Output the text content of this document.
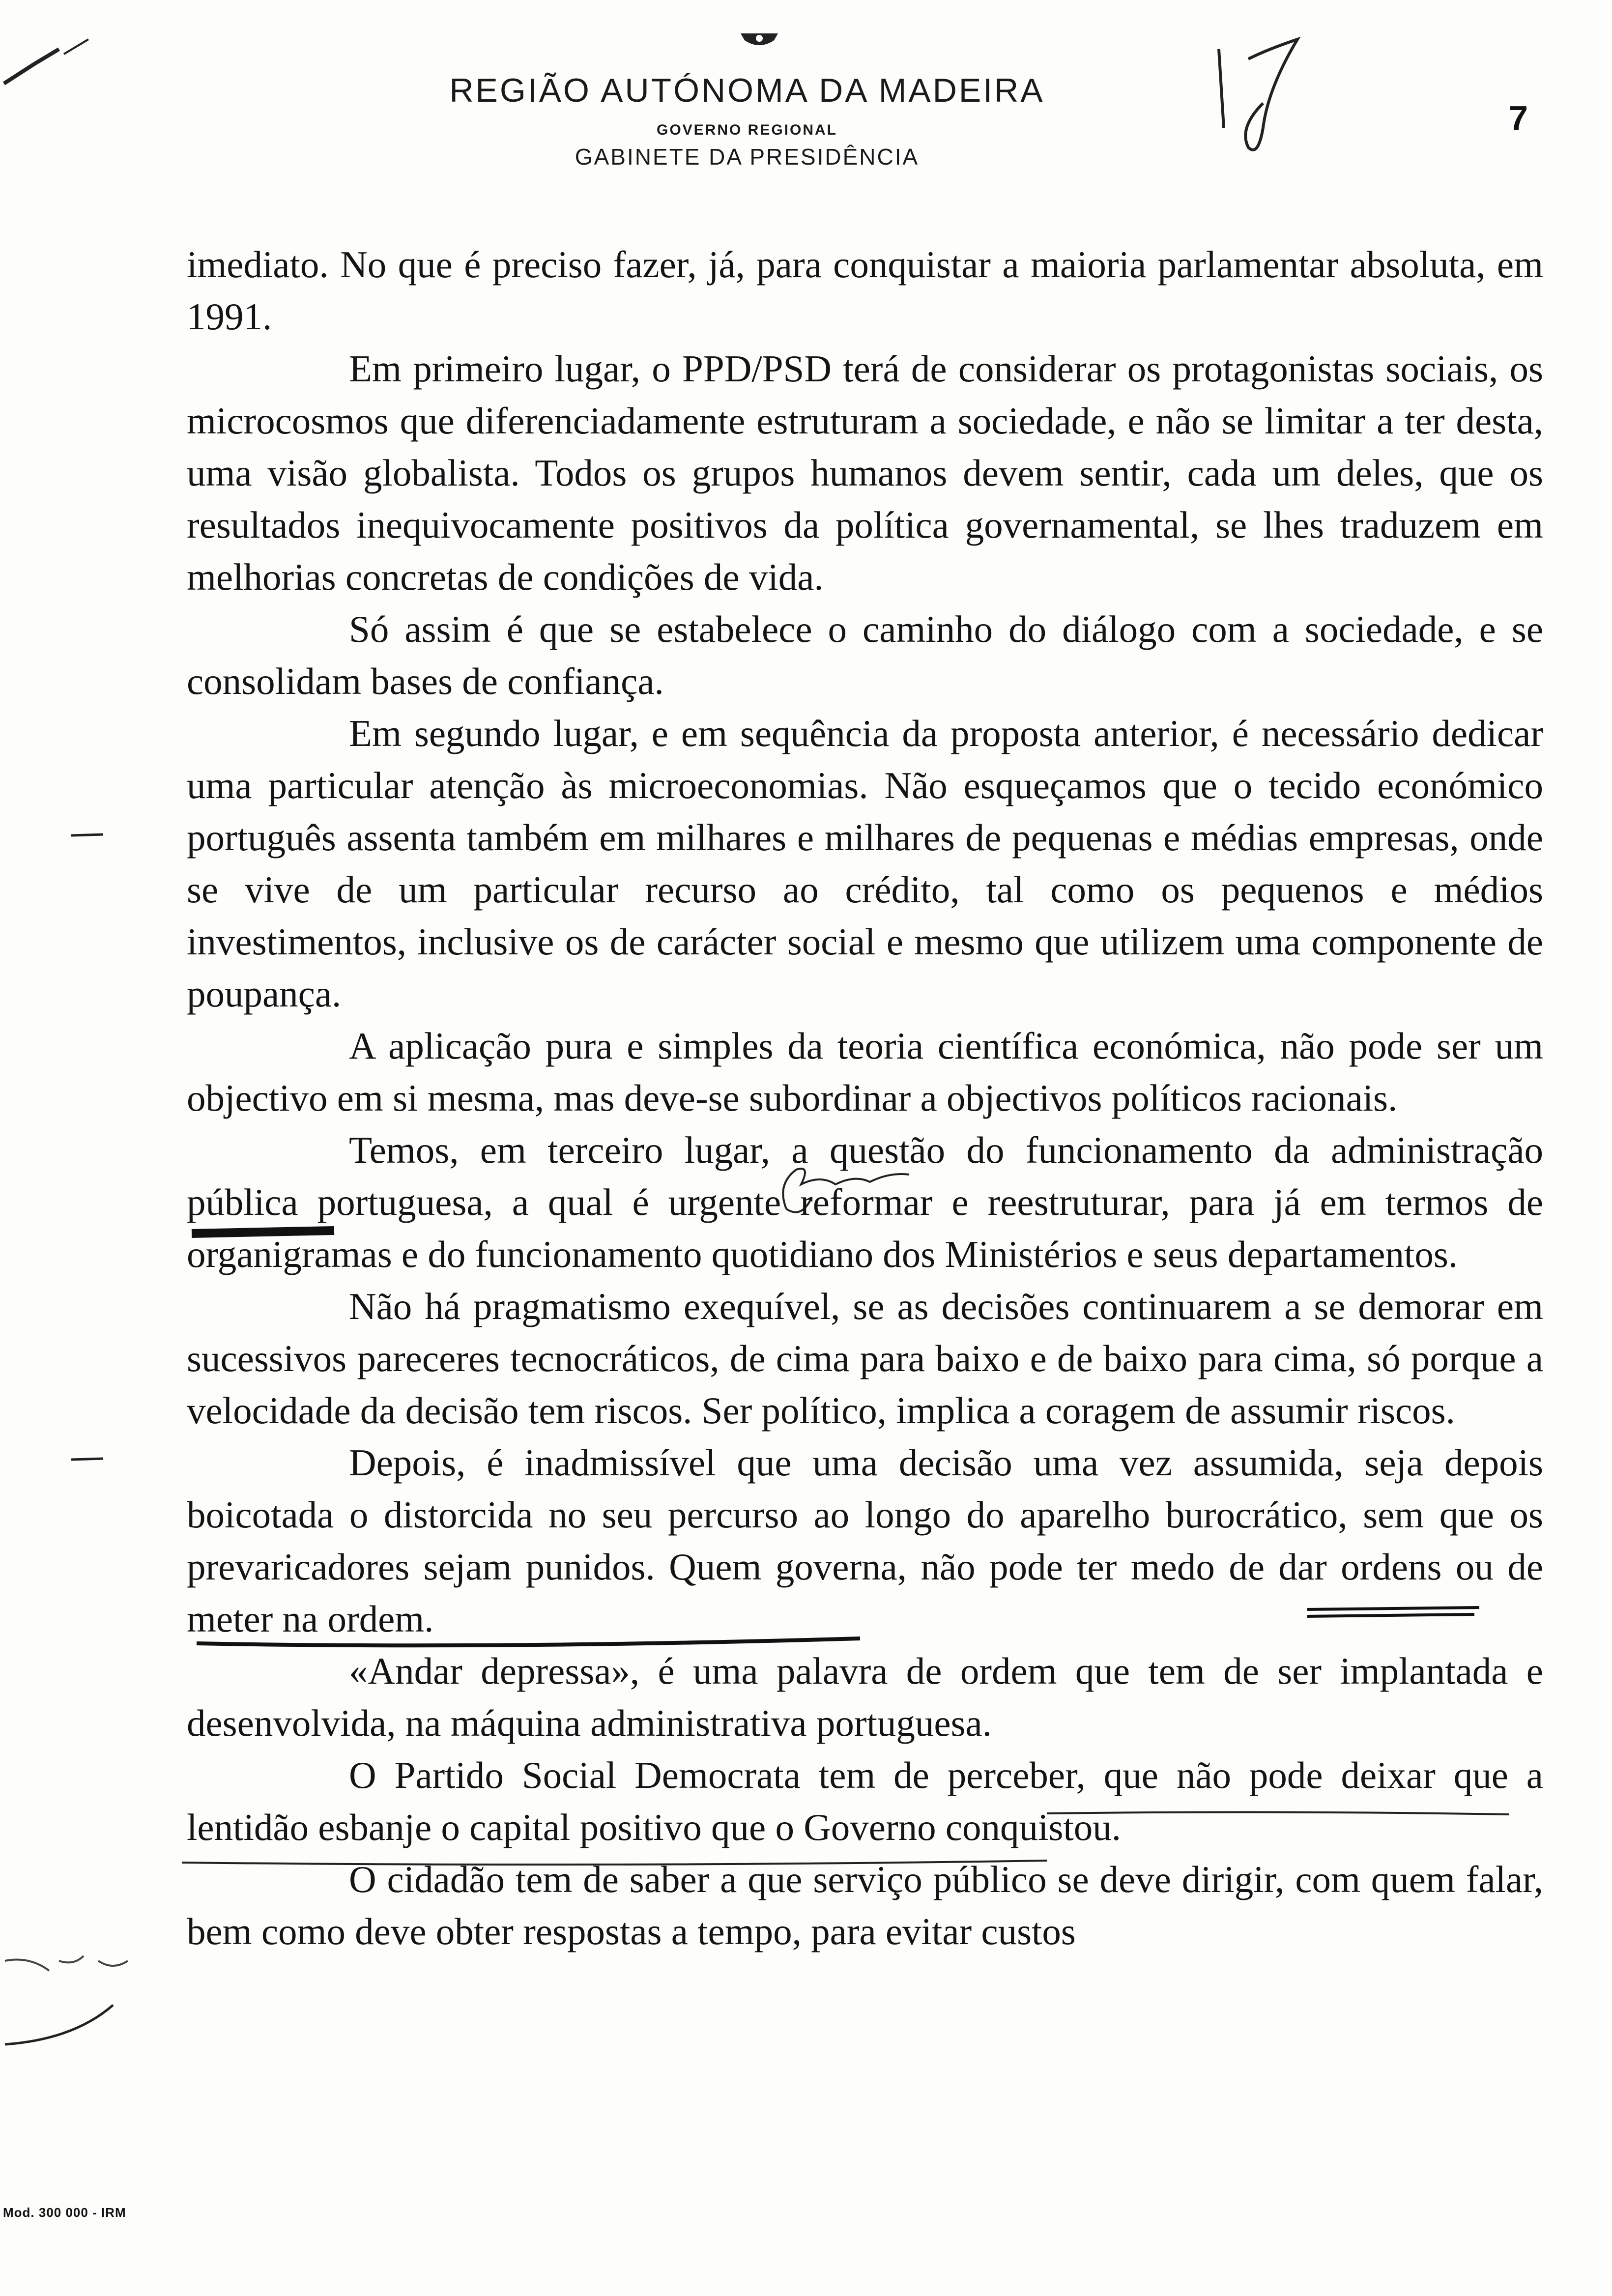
REGIÃO AUTÓNOMA DA MADEIRA
GOVERNO REGIONAL
GABINETE DA PRESIDÊNCIA
7

imediato. No que é preciso fazer, já, para conquistar a maioria parlamentar absoluta, em 1991.

Em primeiro lugar, o PPD/PSD terá de considerar os protagonistas sociais, os microcosmos que diferenciadamente estruturam a sociedade, e não se limitar a ter desta, uma visão globalista. Todos os grupos humanos devem sentir, cada um deles, que os resultados inequivocamente positivos da política governamental, se lhes traduzem em melhorias concretas de condições de vida.

Só assim é que se estabelece o caminho do diálogo com a sociedade, e se consolidam bases de confiança.

Em segundo lugar, e em sequência da proposta anterior, é necessário dedicar uma particular atenção às microeconomias. Não esqueçamos que o tecido económico português assenta também em milhares e milhares de pequenas e médias empresas, onde se vive de um particular recurso ao crédito, tal como os pequenos e médios investimentos, inclusive os de carácter social e mesmo que utilizem uma componente de poupança.

A aplicação pura e simples da teoria científica económica, não pode ser um objectivo em si mesma, mas deve-se subordinar a objectivos políticos racionais.

Temos, em terceiro lugar, a questão do funcionamento da administração pública portuguesa, a qual é urgente reformar e reestruturar, para já em termos de organigramas e do funcionamento quotidiano dos Ministérios e seus departamentos.

Não há pragmatismo exequível, se as decisões continuarem a se demorar em sucessivos pareceres tecnocráticos, de cima para baixo e de baixo para cima, só porque a velocidade da decisão tem riscos. Ser político, implica a coragem de assumir riscos.

Depois, é inadmissível que uma decisão uma vez assumida, seja depois boicotada o distorcida no seu percurso ao longo do aparelho burocrático, sem que os prevaricadores sejam punidos. Quem governa, não pode ter medo de dar ordens ou de meter na ordem.

«Andar depressa», é uma palavra de ordem que tem de ser implantada e desenvolvida, na máquina administrativa portuguesa.

O Partido Social Democrata tem de perceber, que não pode deixar que a lentidão esbanje o capital positivo que o Governo conquistou.

O cidadão tem de saber a que serviço público se deve dirigir, com quem falar, bem como deve obter respostas a tempo, para evitar custos

Mod. 300 000 - IRM
